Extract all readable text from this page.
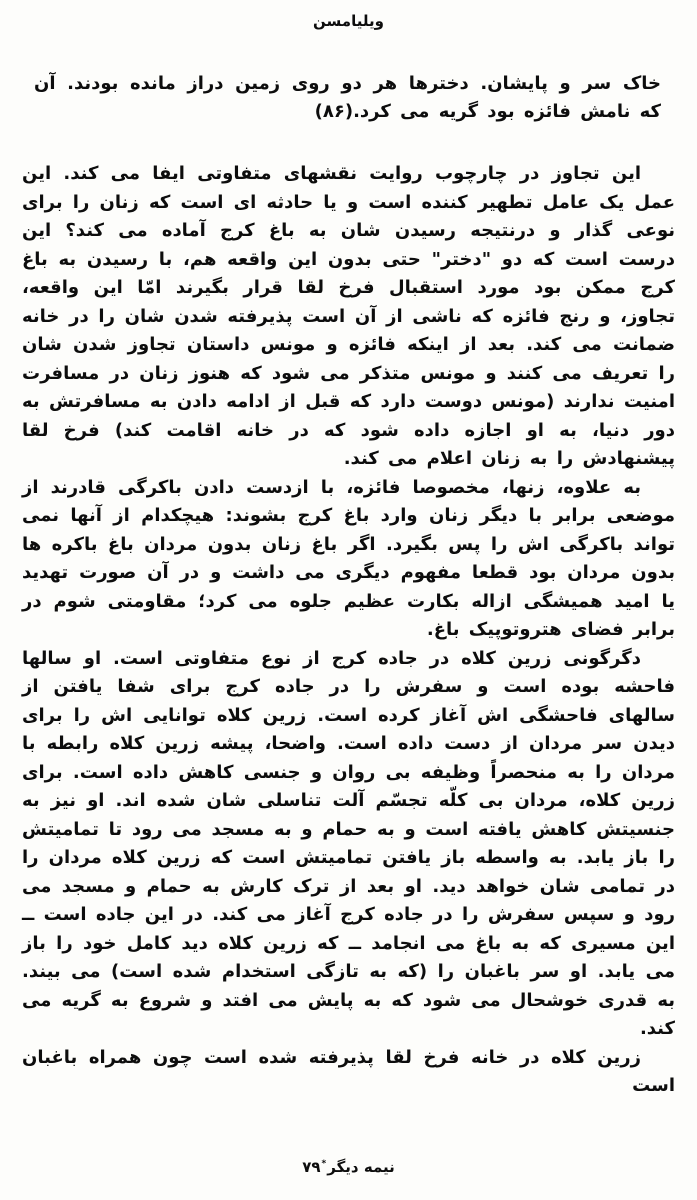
ويليامسن

خاک سر و پایشان. دخترها هر دو روی زمین دراز مانده بودند. آن که نامش فائزه بود گریه می کرد.(۸۶)

این تجاوز در چارچوب روایت نقشهای متفاوتی ایفا می کند. این عمل یک عامل تطهیر کننده است و یا حادثه ای است که زنان را برای نوعی گذار و درنتیجه رسیدن شان به باغ کرج آماده می کند؟ این درست است که دو "دختر" حتی بدون این واقعه هم، با رسیدن به باغ کرج ممکن بود مورد استقبال فرخ لقا قرار بگیرند امّا این واقعه، تجاوز، و رنج فائزه که ناشی از آن است پذیرفته شدن شان را در خانه ضمانت می کند. بعد از اینکه فائزه و مونس داستان تجاوز شدن شان را تعریف می کنند و مونس متذکر می شود که هنوز زنان در مسافرت امنیت ندارند (مونس دوست دارد که قبل از ادامه دادن به مسافرتش به دور دنیا، به او اجازه داده شود که در خانه اقامت کند) فرخ لقا پیشنهادش را به زنان اعلام می کند.

به علاوه، زنها، مخصوصا فائزه، با ازدست دادن باکرگی قادرند از موضعی برابر با دیگر زنان وارد باغ کرج بشوند: هیچکدام از آنها نمی تواند باکرگی اش را پس بگیرد. اگر باغ زنان بدون مردان باغ باکره ها بدون مردان بود قطعا مفهوم دیگری می داشت و در آن صورت تهدید یا امید همیشگی ازاله بکارت عظیم جلوه می کرد؛ مقاومتی شوم در برابر فضای هتروتوپیک باغ.

دگرگونی زرین کلاه در جاده کرج از نوع متفاوتی است. او سالها فاحشه بوده است و سفرش را در جاده کرج برای شفا یافتن از سالهای فاحشگی اش آغاز کرده است. زرین کلاه توانایی اش را برای دیدن سر مردان از دست داده است. واضحا، پیشه زرین کلاه رابطه با مردان را به منحصراً وظیفه بی روان و جنسی کاهش داده است. برای زرین کلاه، مردان بی کلّه تجسّم آلت تناسلی شان شده اند. او نیز به جنسیتش کاهش یافته است و به حمام و به مسجد می رود تا تمامیتش را باز یابد. به واسطه باز یافتن تمامیتش است که زرین کلاه مردان را در تمامی شان خواهد دید. او بعد از ترک کارش به حمام و مسجد می رود و سپس سفرش را در جاده کرج آغاز می کند. در این جاده است ــ این مسیری که به باغ می انجامد ــ که زرین کلاه دید کامل خود را باز می یابد. او سر باغبان را (که به تازگی استخدام شده است) می بیند. به قدری خوشحال می شود که به پایش می افتد و شروع به گریه می کند.

زرین کلاه در خانه فرخ لقا پذیرفته شده است چون همراه باغبان است

نيمه ديگر*۷۹
